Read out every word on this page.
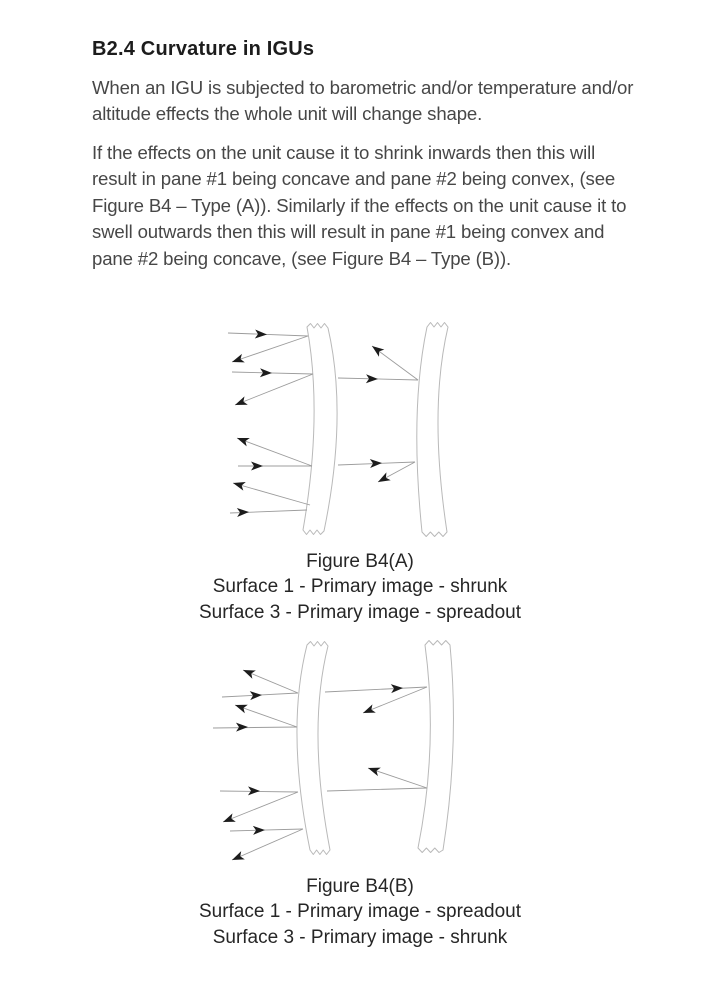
B2.4 Curvature in IGUs

When an IGU is subjected to barometric and/or temperature and/or altitude effects the whole unit will change shape.

If the effects on the unit cause it to shrink inwards then this will result in pane #1 being concave and pane #2 being convex, (see Figure B4 – Type (A)). Similarly if the effects on the unit cause it to swell outwards then this will result in pane #1 being convex and pane #2 being concave, (see Figure B4 – Type (B)).

Figure B4(A)
Surface 1 - Primary image - shrunk
Surface 3 - Primary image - spreadout
Figure B4(B)
Surface 1 - Primary image - spreadout
Surface 3 - Primary image - shrunk
